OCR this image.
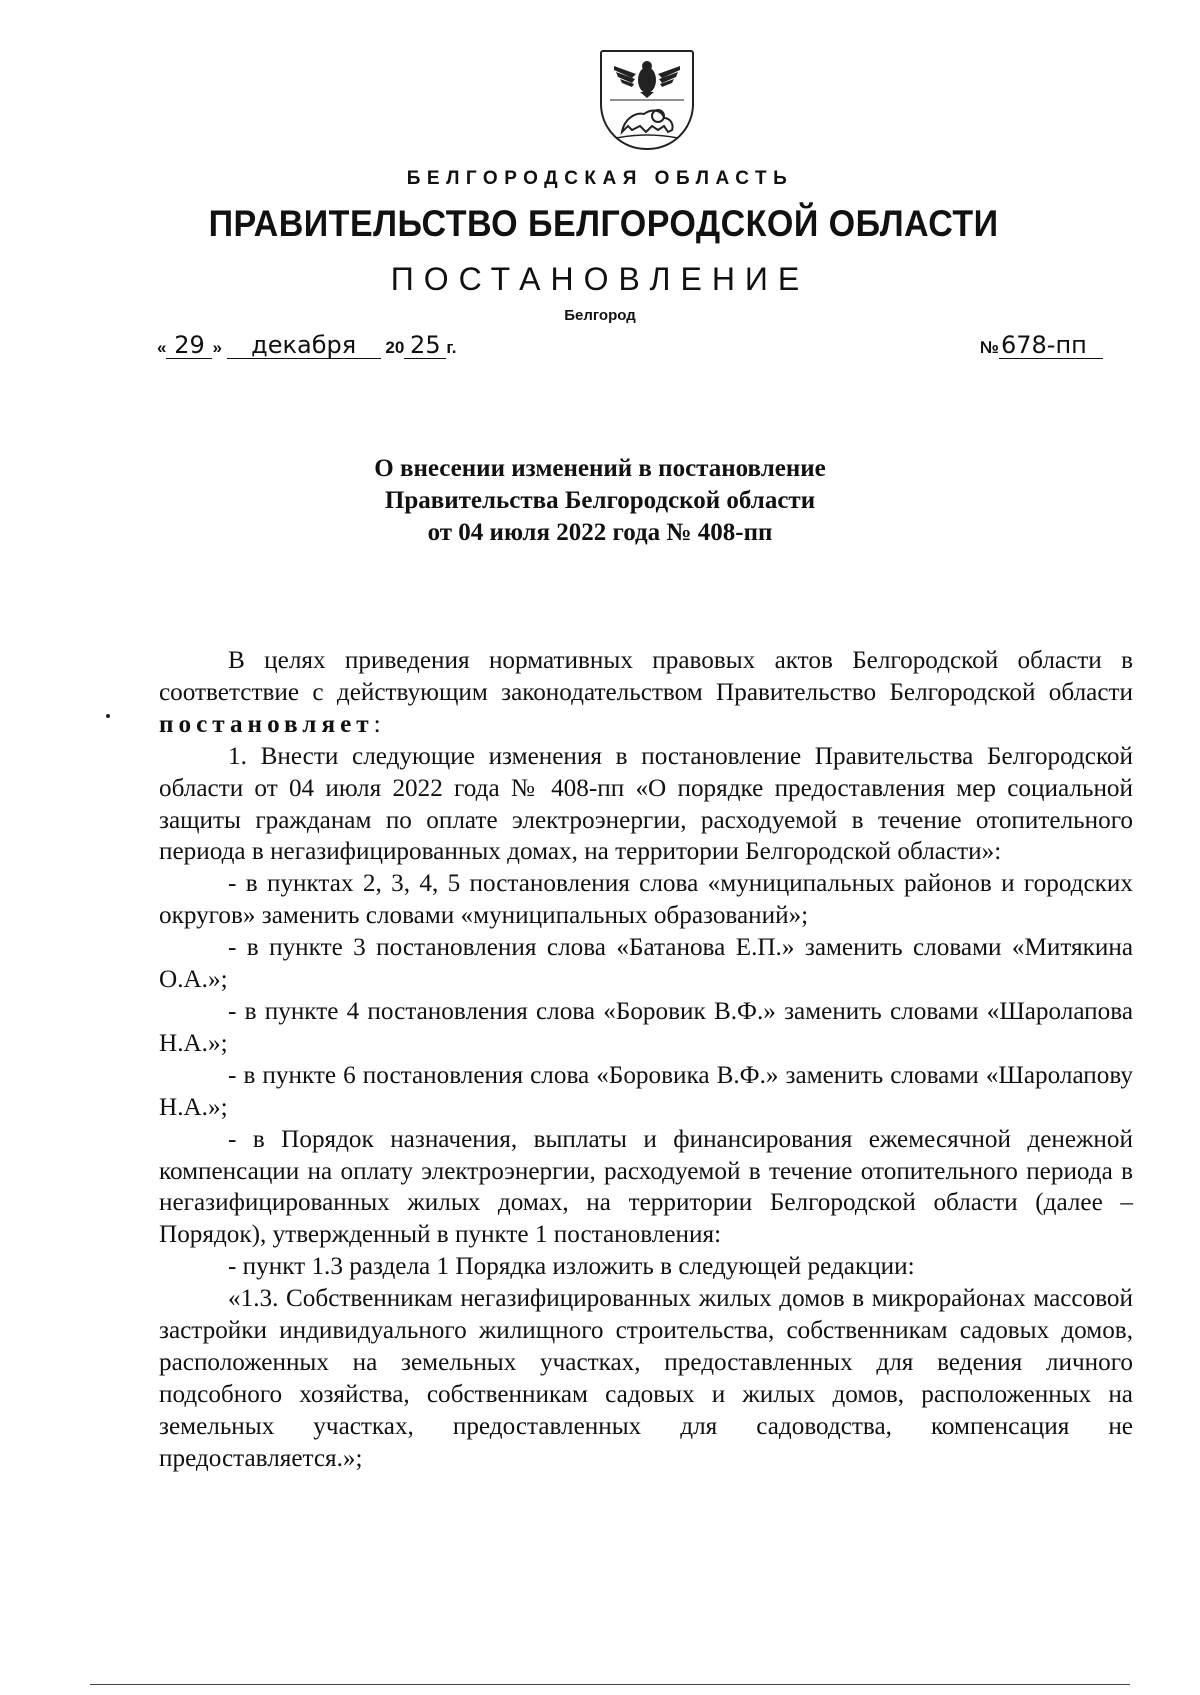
БЕЛГОРОДСКАЯ ОБЛАСТЬ
ПРАВИТЕЛЬСТВО БЕЛГОРОДСКОЙ ОБЛАСТИ
ПОСТАНОВЛЕНИЕ
Белгород
« 29 » декабря 20 25 г.	№678-пп
О внесении изменений в постановление
Правительства Белгородской области
от 04 июля 2022 года № 408-пп

В целях приведения нормативных правовых актов Белгородской области в соответствие с действующим законодательством Правительство Белгородской области постановляет:

1. Внести следующие изменения в постановление Правительства Белгородской области от 04 июля 2022 года № 408-пп «О порядке предоставления мер социальной защиты гражданам по оплате электроэнергии, расходуемой в течение отопительного периода в негазифицированных домах, на территории Белгородской области»:

- в пунктах 2, 3, 4, 5 постановления слова «муниципальных районов и городских округов» заменить словами «муниципальных образований»;

- в пункте 3 постановления слова «Батанова Е.П.» заменить словами «Митякина О.А.»;

- в пункте 4 постановления слова «Боровик В.Ф.» заменить словами «Шаролапова Н.А.»;

- в пункте 6 постановления слова «Боровика В.Ф.» заменить словами «Шаролапову Н.А.»;

- в Порядок назначения, выплаты и финансирования ежемесячной денежной компенсации на оплату электроэнергии, расходуемой в течение отопительного периода в негазифицированных жилых домах, на территории Белгородской области (далее – Порядок), утвержденный в пункте 1 постановления:

- пункт 1.3 раздела 1 Порядка изложить в следующей редакции:

«1.3. Собственникам негазифицированных жилых домов в микрорайонах массовой застройки индивидуального жилищного строительства, собственникам садовых домов, расположенных на земельных участках, предоставленных для ведения личного подсобного хозяйства, собственникам садовых и жилых домов, расположенных на земельных участках, предоставленных для садоводства, компенсация не предоставляется.»;
